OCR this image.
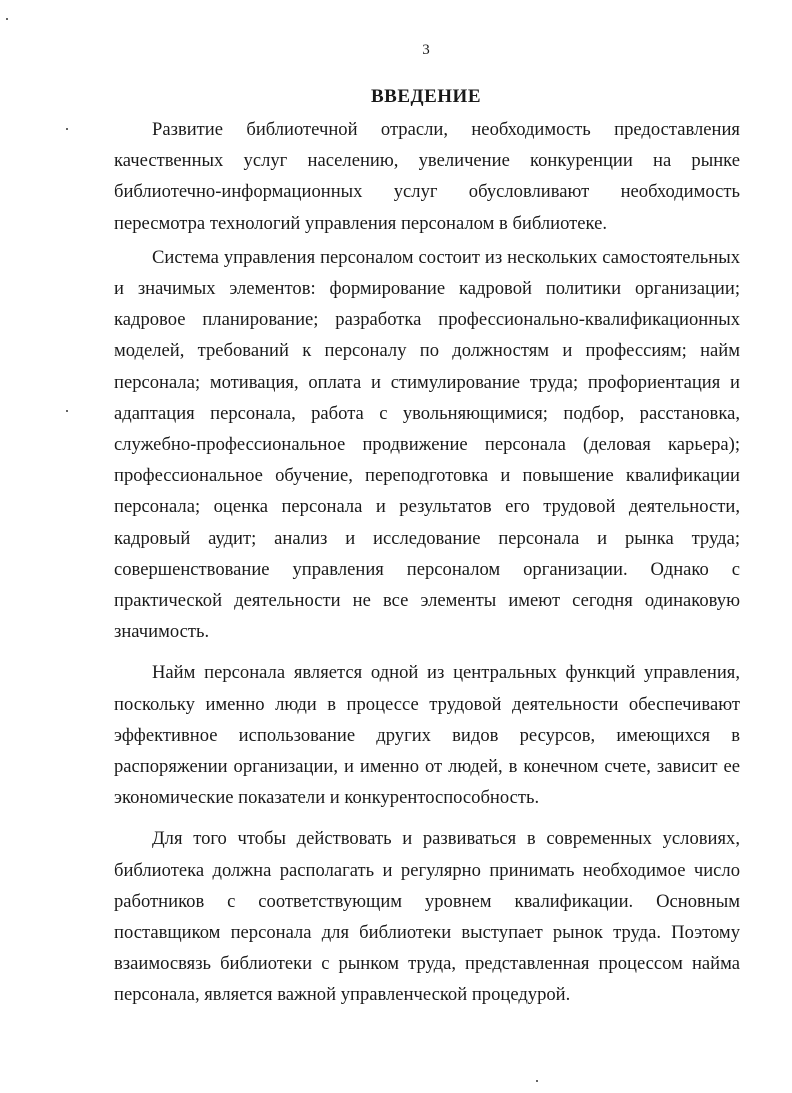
3
ВВЕДЕНИЕ

Развитие библиотечной отрасли, необходимость предоставления качественных услуг населению, увеличение конкуренции на рынке библиотечно-информационных услуг обусловливают необходимость пересмотра технологий управления персоналом в библиотеке.

Система управления персоналом состоит из нескольких самостоятельных и значимых элементов: формирование кадровой политики организации; кадровое планирование; разработка профессионально-квалификационных моделей, требований к персоналу по должностям и профессиям; найм персонала; мотивация, оплата и стимулирование труда; профориентация и адаптация персонала, работа с увольняющимися; подбор, расстановка, служебно-профессиональное продвижение персонала (деловая карьера); профессиональное обучение, переподготовка и повышение квалификации персонала; оценка персонала и результатов его трудовой деятельности, кадровый аудит; анализ и исследование персонала и рынка труда; совершенствование управления персоналом организации. Однако с практической деятельности не все элементы имеют сегодня одинаковую значимость.

Найм персонала является одной из центральных функций управления, поскольку именно люди в процессе трудовой деятельности обеспечивают эффективное использование других видов ресурсов, имеющихся в распоряжении организации, и именно от людей, в конечном счете, зависит ее экономические показатели и конкурентоспособность.

Для того чтобы действовать и развиваться в современных условиях, библиотека должна располагать и регулярно принимать необходимое число работников с соответствующим уровнем квалификации. Основным поставщиком персонала для библиотеки выступает рынок труда. Поэтому взаимосвязь библиотеки с рынком труда, представленная процессом найма персонала, является важной управленческой процедурой.
